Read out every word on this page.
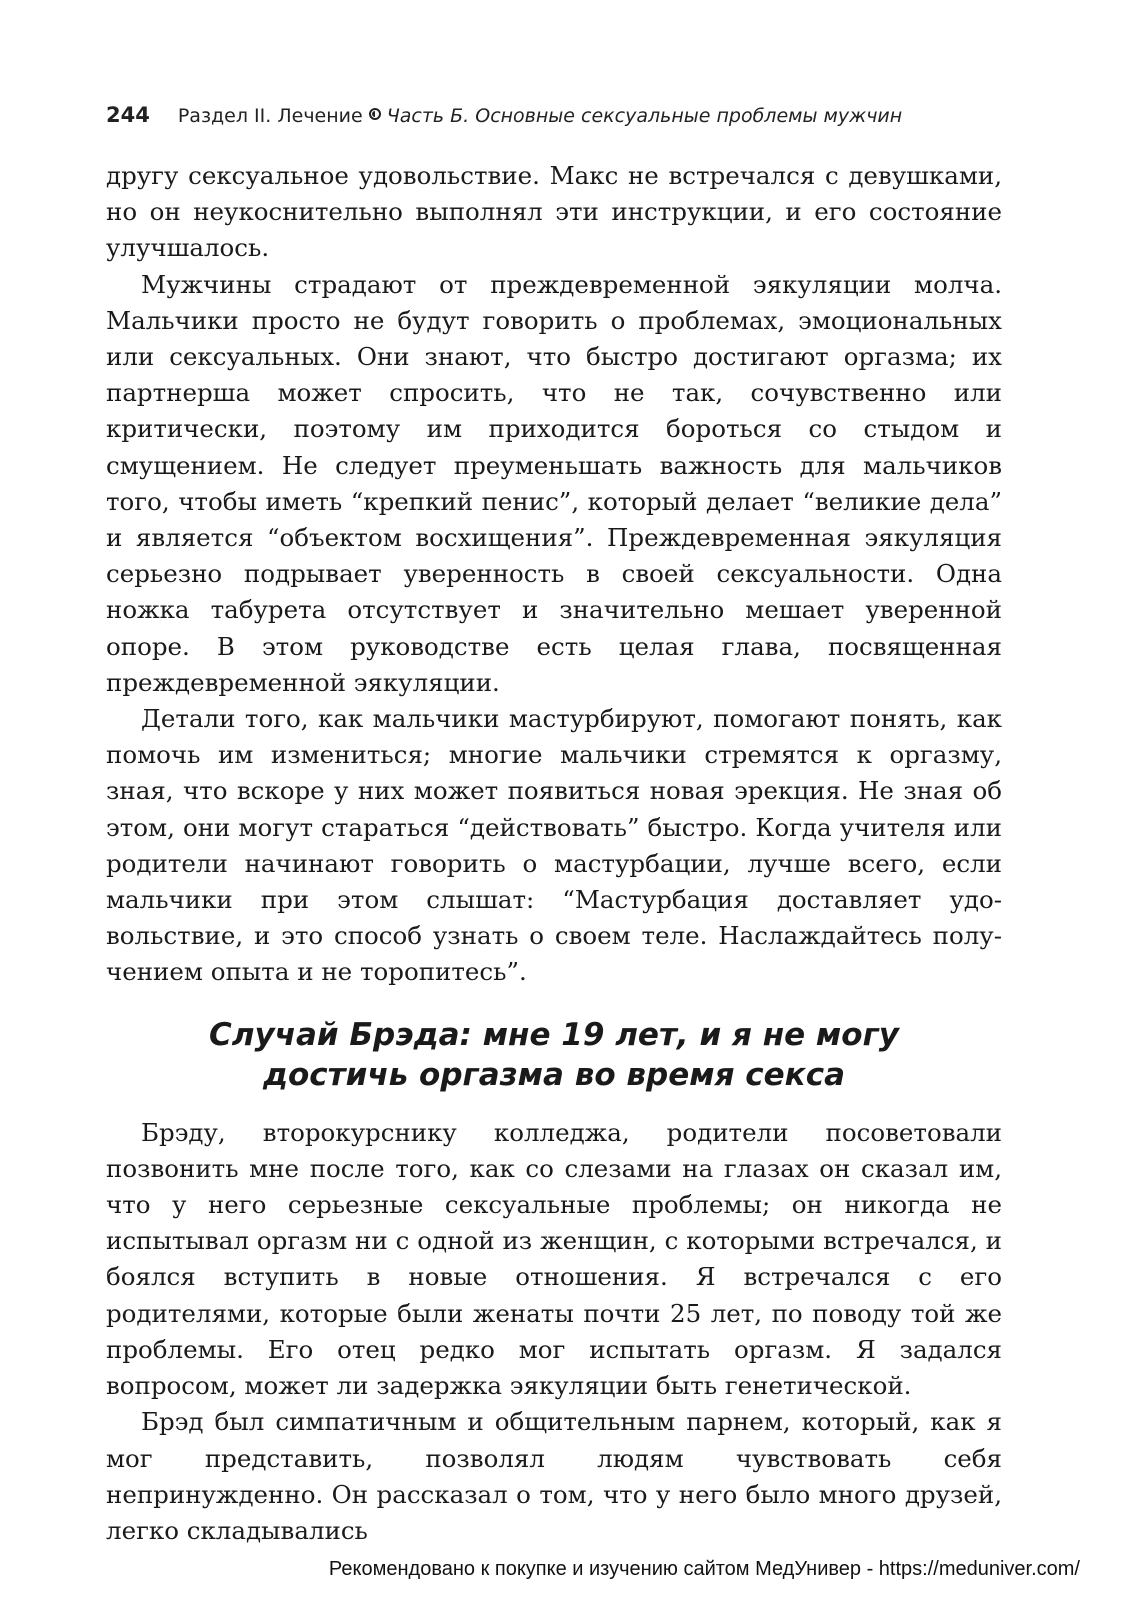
244 Раздел II. Лечение Часть Б. Основные сексуальные проблемы мужчин

другу сексуальное удовольствие. Макс не встречался с девушками, но он неукоснительно выполнял эти инструкции, и его состояние улучшалось.

Мужчины страдают от преждевременной эякуляции молча. Мальчики просто не будут говорить о проблемах, эмоциональных или сексуальных. Они знают, что быстро достигают оргазма; их партнерша может спросить, что не так, сочувственно или критически, поэтому им приходится бороться со стыдом и смущением. Не следует преуменьшать важность для мальчиков того, чтобы иметь “крепкий пенис”, который делает “великие дела” и является “объектом восхищения”. Преждевременная эякуляция серьезно подрывает уверенность в своей сексуальности. Одна ножка табурета отсутствует и значительно мешает уверенной опоре. В этом руководстве есть целая глава, посвященная преждевременной эякуляции.

Детали того, как мальчики мастурбируют, помогают понять, как помочь им измениться; многие мальчики стремятся к оргазму, зная, что вскоре у них может появиться новая эрекция. Не зная об этом, они могут стараться “действовать” быстро. Когда учителя или родители начинают говорить о мастурбации, лучше всего, если мальчики при этом слышат: “Мастурбация доставляет удовольствие, и это способ узнать о своем теле. Наслаждайтесь получением опыта и не торопитесь”.

Случай Брэда: мне 19 лет, и я не могу
достичь оргазма во время секса

Брэду, второкурснику колледжа, родители посоветовали позвонить мне после того, как со слезами на глазах он сказал им, что у него серьезные сексуальные проблемы; он никогда не испытывал оргазм ни с одной из женщин, с которыми встречался, и боялся вступить в новые отношения. Я встречался с его родителями, которые были женаты почти 25 лет, по поводу той же проблемы. Его отец редко мог испытать оргазм. Я задался вопросом, может ли задержка эякуляции быть генетической.

Брэд был симпатичным и общительным парнем, который, как я мог представить, позволял людям чувствовать себя непринужденно. Он рассказал о том, что у него было много друзей, легко складывались

Рекомендовано к покупке и изучению сайтом МедУнивер - https://meduniver.com/
